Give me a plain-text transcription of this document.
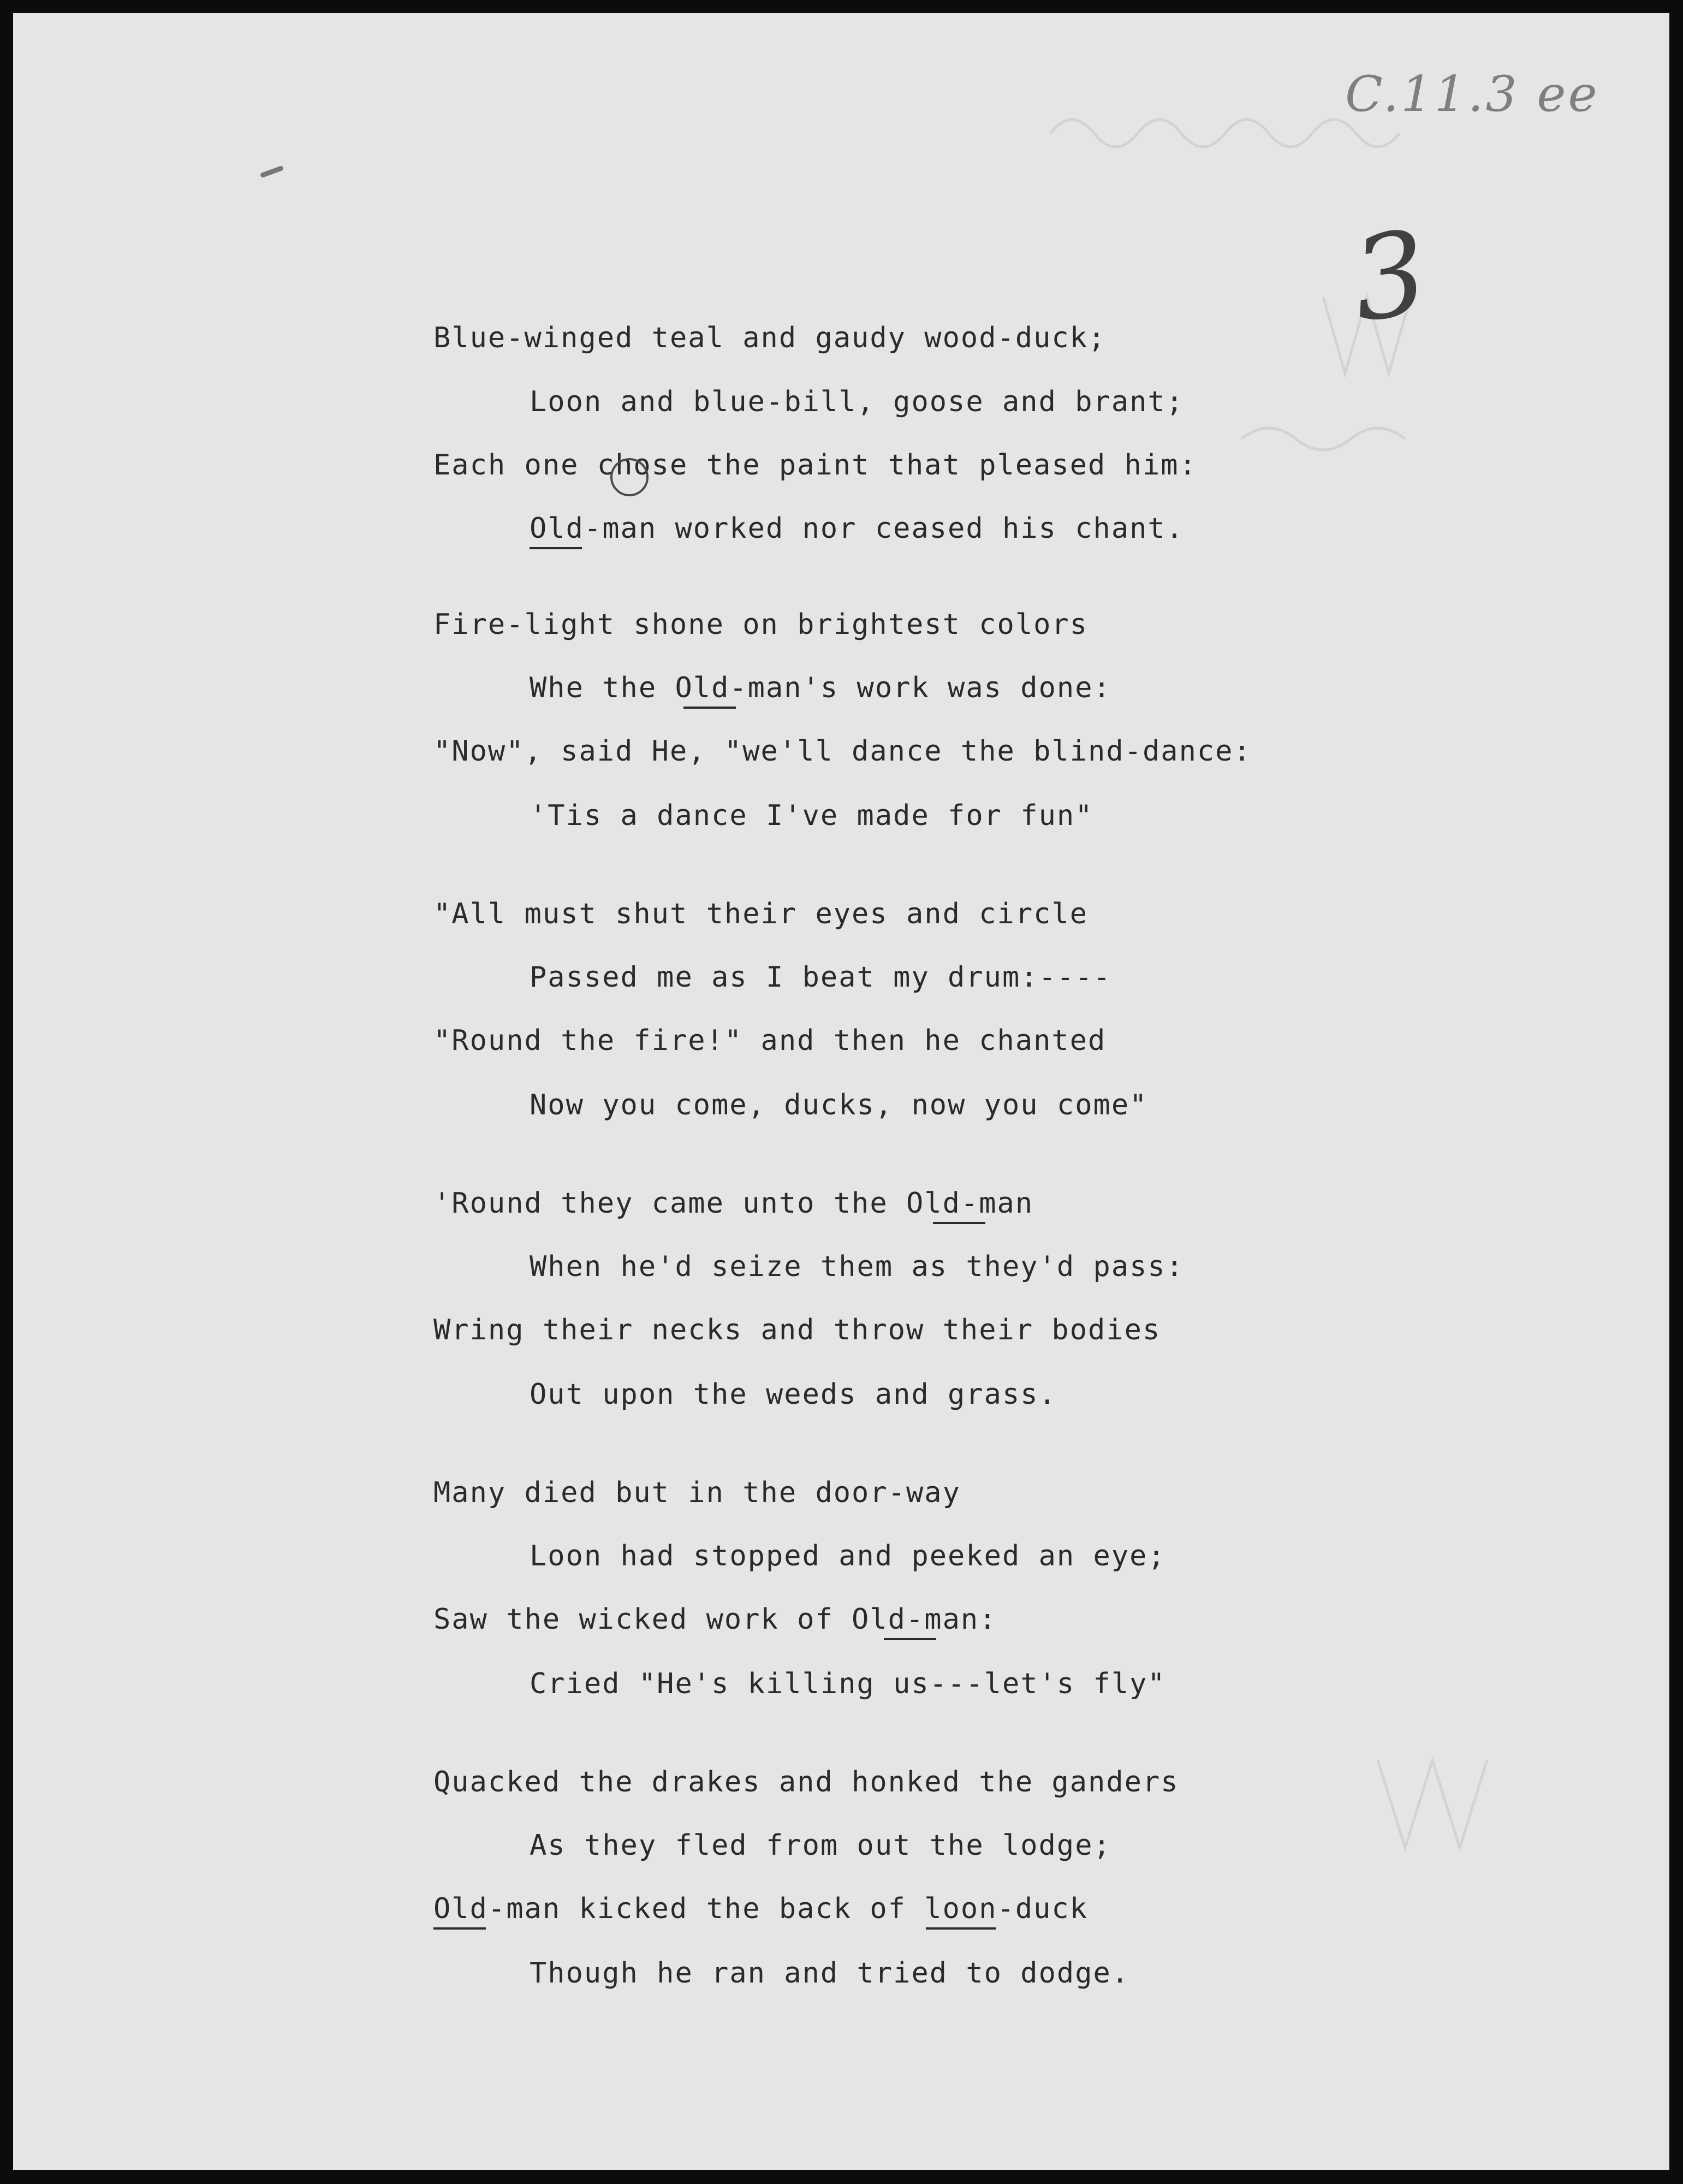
C.11.3 ee
3
Blue-winged teal and gaudy wood-duck;
Loon and blue-bill, goose and brant;
Each one chose the paint that pleased him:
Old-man worked nor ceased his chant.
Fire-light shone on brightest colors
Whe the Old-man's work was done:
"Now", said He, "we'll dance the blind-dance:
'Tis a dance I've made for fun"
"All must shut their eyes and circle
Passed me as I beat my drum:----
"Round the fire!" and then he chanted
Now you come, ducks, now you come"
'Round they came unto the Old-man
When he'd seize them as they'd pass:
Wring their necks and throw their bodies
Out upon the weeds and grass.
Many died but in the door-way
Loon had stopped and peeked an eye;
Saw the wicked work of Old-man:
Cried "He's killing us---let's fly"
Quacked the drakes and honked the ganders
As they fled from out the lodge;
Old-man kicked the back of loon-duck
Though he ran and tried to dodge.
